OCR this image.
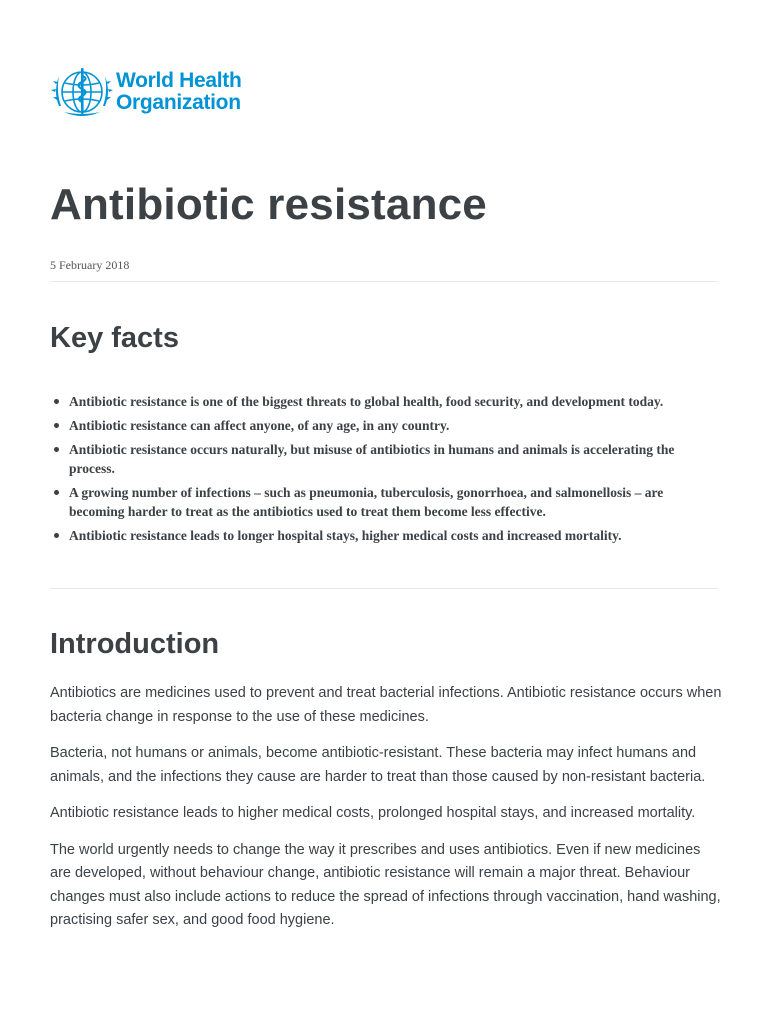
World Health
Organization
Antibiotic resistance

5 February 2018

Key facts
Antibiotic resistance is one of the biggest threats to global health, food security, and development today.
Antibiotic resistance can affect anyone, of any age, in any country.
Antibiotic resistance occurs naturally, but misuse of antibiotics in humans and animals is accelerating the process.
A growing number of infections – such as pneumonia, tuberculosis, gonorrhoea, and salmonellosis – are becoming harder to treat as the antibiotics used to treat them become less effective.
Antibiotic resistance leads to longer hospital stays, higher medical costs and increased mortality.
Introduction

Antibiotics are medicines used to prevent and treat bacterial infections. Antibiotic resistance occurs when bacteria change in response to the use of these medicines.

Bacteria, not humans or animals, become antibiotic-resistant. These bacteria may infect humans and animals, and the infections they cause are harder to treat than those caused by non-resistant bacteria.

Antibiotic resistance leads to higher medical costs, prolonged hospital stays, and increased mortality.

The world urgently needs to change the way it prescribes and uses antibiotics. Even if new medicines are developed, without behaviour change, antibiotic resistance will remain a major threat. Behaviour changes must also include actions to reduce the spread of infections through vaccination, hand washing, practising safer sex, and good food hygiene.
